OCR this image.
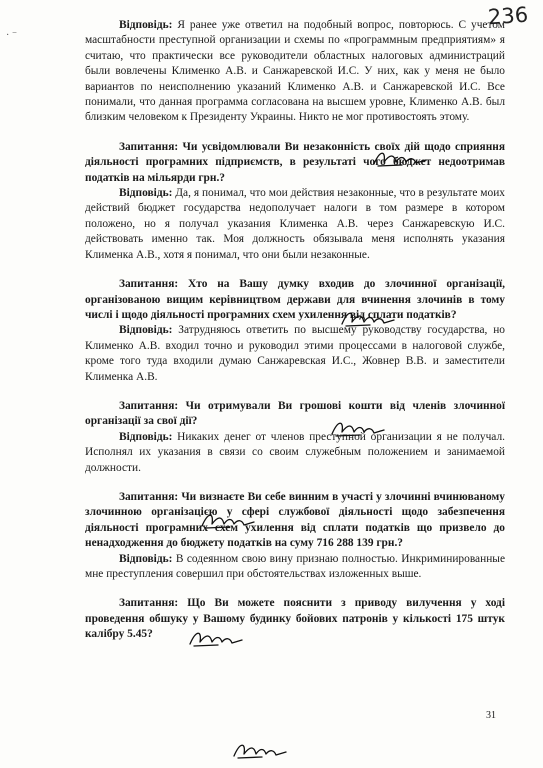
· ⁻
236

Відповідь: Я ранее уже ответил на подобный вопрос, повторюсь. С учетом масштабности преступной организации и схемы по «программным предприятиям» я считаю, что практически все руководители областных налоговых администраций были вовлечены Клименко А.В. и Санжаревской И.С. У них, как у меня не было вариантов по неисполнению указаний Клименко А.В. и Санжаревской И.С. Все понимали, что данная программа согласована на высшем уровне, Клименко А.В. был близким человеком к Президенту Украины. Никто не мог противостоять этому.

Запитання: Чи усвідомлювали Ви незаконність своїх дій щодо сприяння діяльності програмних підприємств, в результаті чого бюджет недоотримав податків на мільярди грн.?

Відповідь: Да, я понимал, что мои действия незаконные, что в результате моих действий бюджет государства недополучает налоги в том размере в котором положено, но я получал указания Клименка А.В. через Санжаревскую И.С. действовать именно так. Моя должность обязывала меня исполнять указания Клименка А.В., хотя я понимал, что они были незаконные.

Запитання: Хто на Вашу думку входив до злочинної організації, організованою вищим керівництвом держави для вчинення злочинів в тому числі і щодо діяльності програмних схем ухилення від сплати податків?

Відповідь: Затрудняюсь ответить по высшему руководству государства, но Клименко А.В. входил точно и руководил этими процессами в налоговой службе, кроме того туда входили думаю Санжаревская И.С., Жовнер В.В. и заместители Клименка А.В.

Запитання: Чи отримували Ви грошові кошти від членів злочинної організації за свої дії?

Відповідь: Никаких денег от членов преступной организации я не получал. Исполнял их указания в связи со своим служебным положением и занимаемой должности.

Запитання: Чи визнаєте Ви себе винним в участі у злочинні вчинюваному злочинною організацією у сфері службової діяльності щодо забезпечення діяльності програмних схем ухилення від сплати податків що призвело до ненадходження до бюджету податків на суму 716 288 139 грн.?

Відповідь: В содеянном свою вину признаю полностью. Инкриминированные мне преступления совершил при обстоятельствах изложенных выше.

Запитання: Що Ви можете пояснити з приводу вилучення у ході проведення обшуку у Вашому будинку бойових патронів у кількості 175 штук калібру 5.45?

31
